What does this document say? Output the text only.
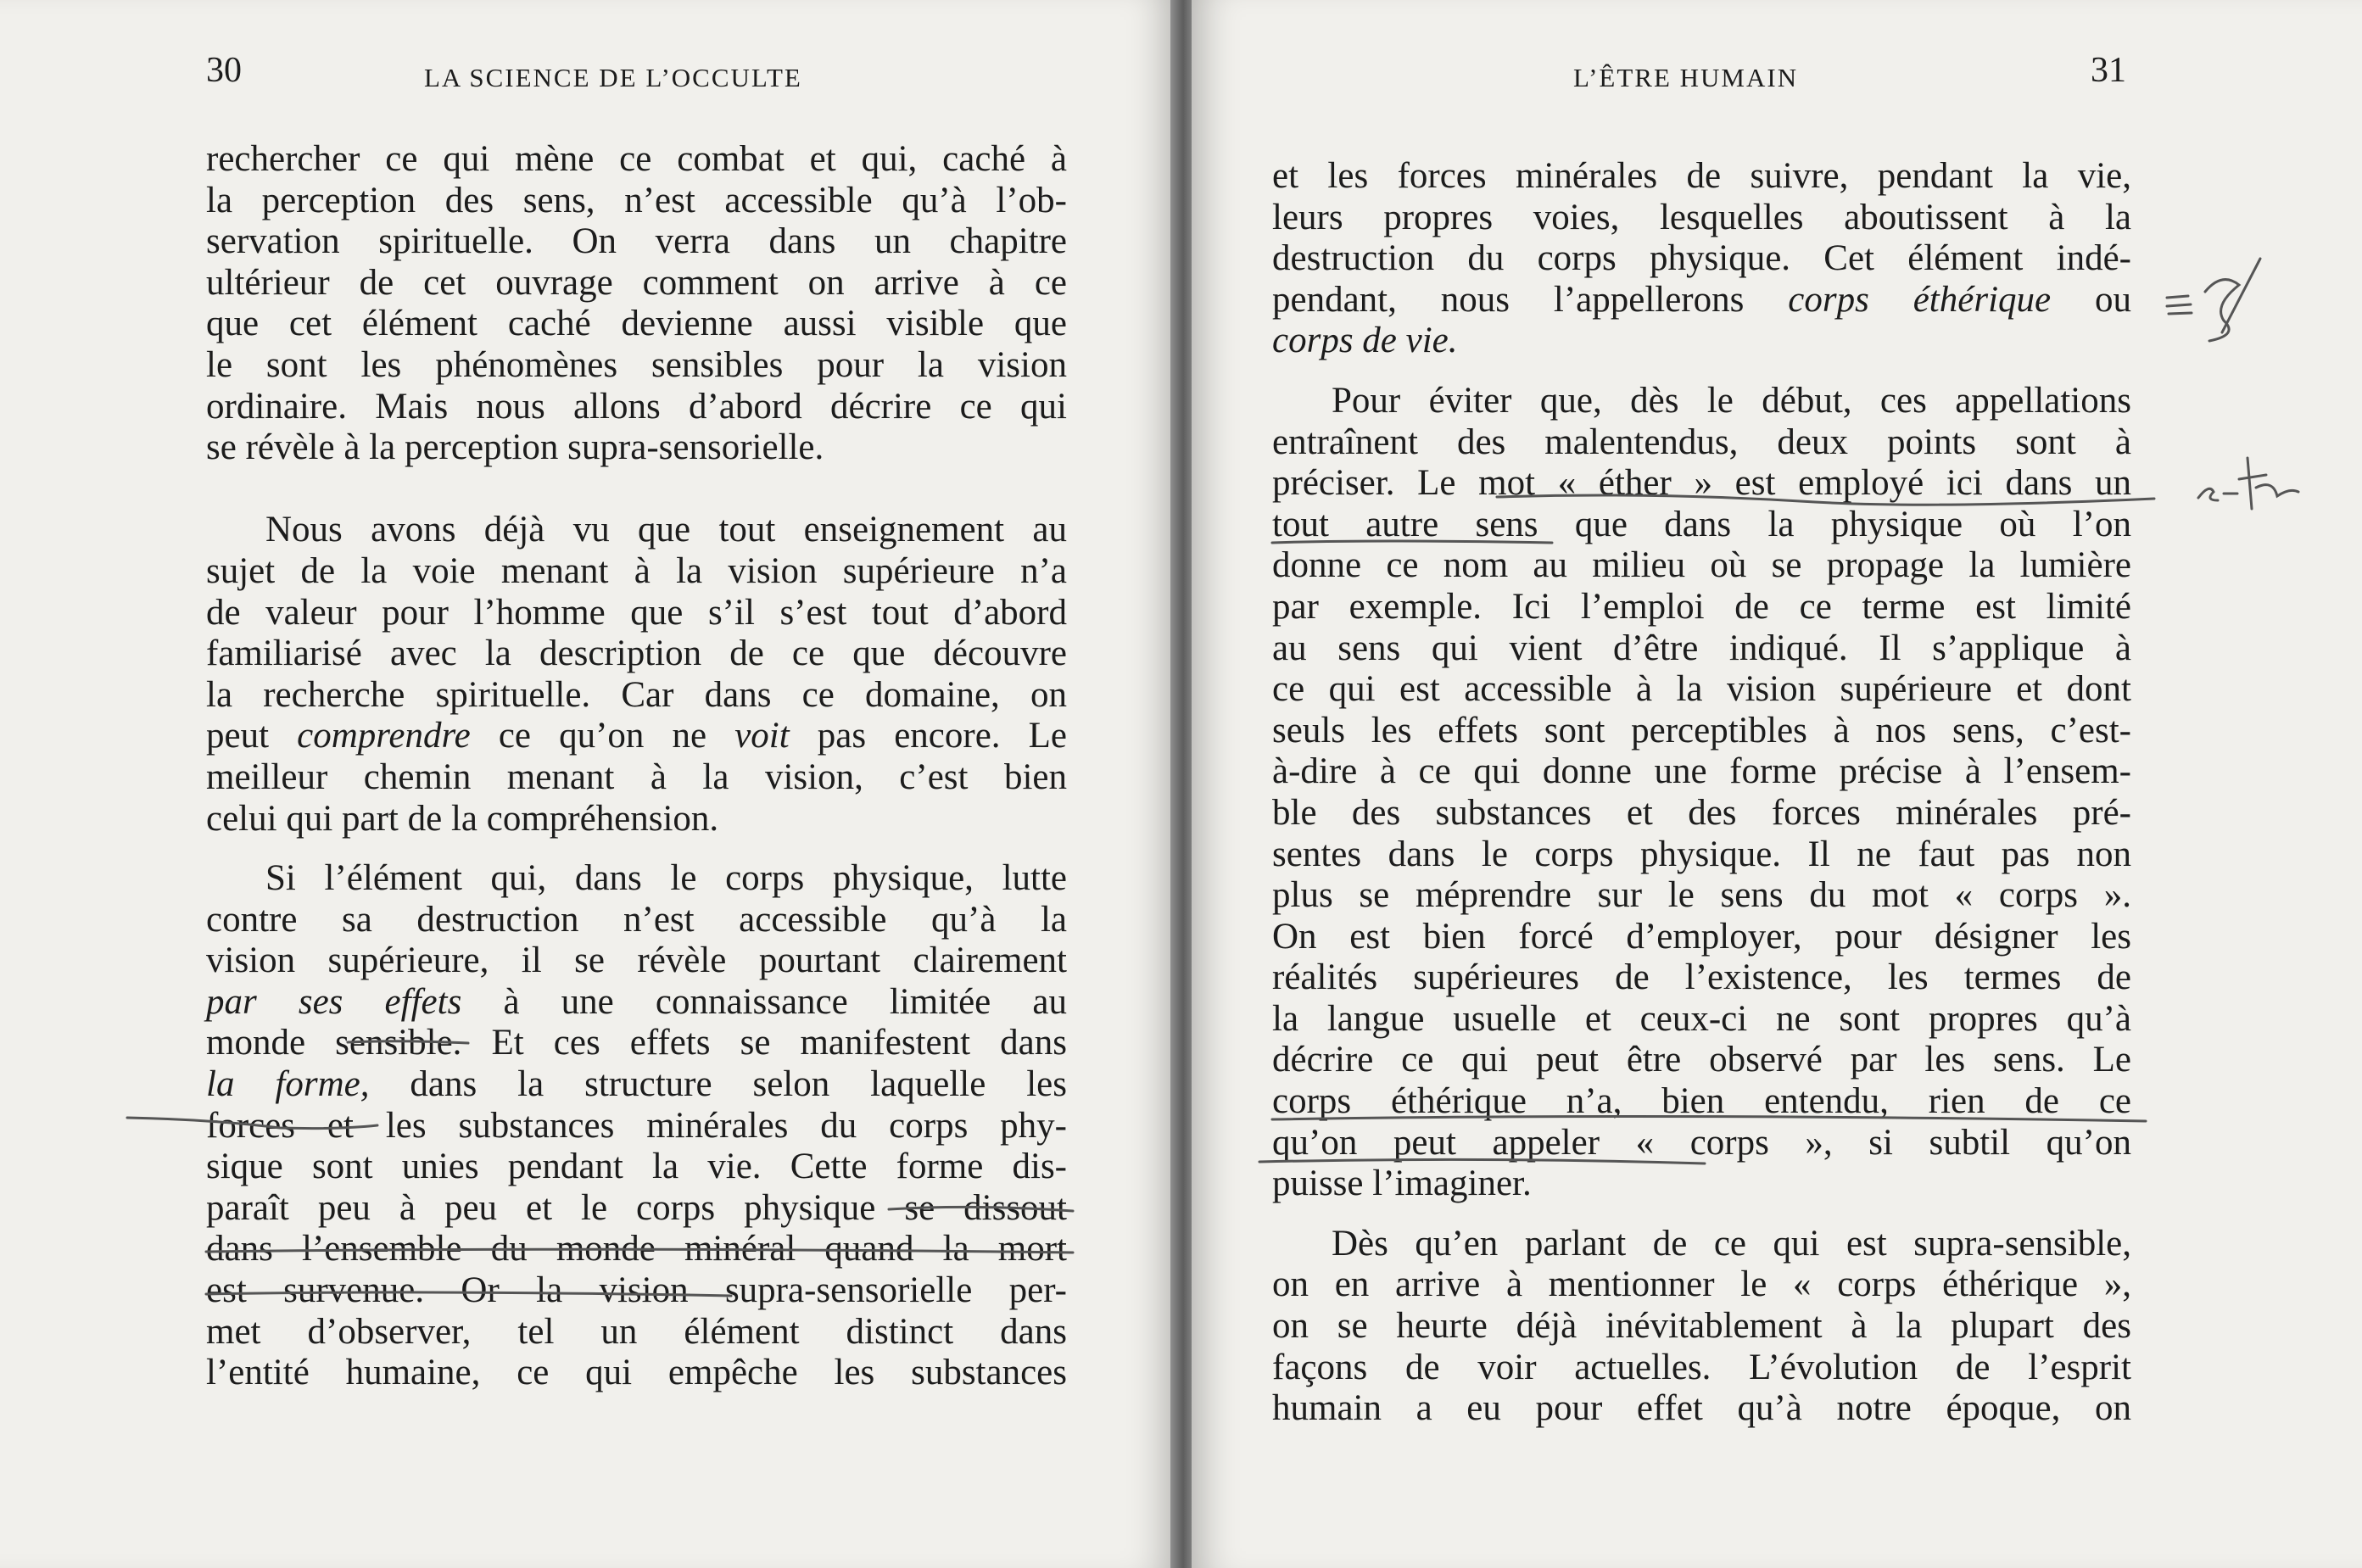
30	LA SCIENCE DE L’OCCULTE

rechercher ce qui mène ce combat et qui, caché à
la perception des sens, n’est accessible qu’à l’ob-
servation spirituelle. On verra dans un chapitre
ultérieur de cet ouvrage comment on arrive à ce
que cet élément caché devienne aussi visible que
le sont les phénomènes sensibles pour la vision
ordinaire. Mais nous allons d’abord décrire ce qui
se révèle à la perception supra-sensorielle.

Nous avons déjà vu que tout enseignement au
sujet de la voie menant à la vision supérieure n’a
de valeur pour l’homme que s’il s’est tout d’abord
familiarisé avec la description de ce que découvre
la recherche spirituelle. Car dans ce domaine, on
peut comprendre ce qu’on ne voit pas encore. Le
meilleur chemin menant à la vision, c’est bien
celui qui part de la compréhension.

Si l’élément qui, dans le corps physique, lutte
contre sa destruction n’est accessible qu’à la
vision supérieure, il se révèle pourtant clairement
par ses effets à une connaissance limitée au
monde sensible. Et ces effets se manifestent dans
la forme, dans la structure selon laquelle les
forces et les substances minérales du corps phy-
sique sont unies pendant la vie. Cette forme dis-
paraît peu à peu et le corps physique se dissout
dans l’ensemble du monde minéral quand la mort
est survenue. Or la vision supra-sensorielle per-
met d’observer, tel un élément distinct dans
l’entité humaine, ce qui empêche les substances

L’ÊTRE HUMAIN	31

et les forces minérales de suivre, pendant la vie,
leurs propres voies, lesquelles aboutissent à la
destruction du corps physique. Cet élément indé-
pendant, nous l’appellerons corps éthérique ou
corps de vie.

Pour éviter que, dès le début, ces appellations
entraînent des malentendus, deux points sont à
préciser. Le mot « éther » est employé ici dans un
tout autre sens que dans la physique où l’on
donne ce nom au milieu où se propage la lumière
par exemple. Ici l’emploi de ce terme est limité
au sens qui vient d’être indiqué. Il s’applique à
ce qui est accessible à la vision supérieure et dont
seuls les effets sont perceptibles à nos sens, c’est-
à-dire à ce qui donne une forme précise à l’ensem-
ble des substances et des forces minérales pré-
sentes dans le corps physique. Il ne faut pas non
plus se méprendre sur le sens du mot « corps ».
On est bien forcé d’employer, pour désigner les
réalités supérieures de l’existence, les termes de
la langue usuelle et ceux-ci ne sont propres qu’à
décrire ce qui peut être observé par les sens. Le
corps éthérique n’a, bien entendu, rien de ce
qu’on peut appeler « corps », si subtil qu’on
puisse l’imaginer.

Dès qu’en parlant de ce qui est supra-sensible,
on en arrive à mentionner le « corps éthérique »,
on se heurte déjà inévitablement à la plupart des
façons de voir actuelles. L’évolution de l’esprit
humain a eu pour effet qu’à notre époque, on
